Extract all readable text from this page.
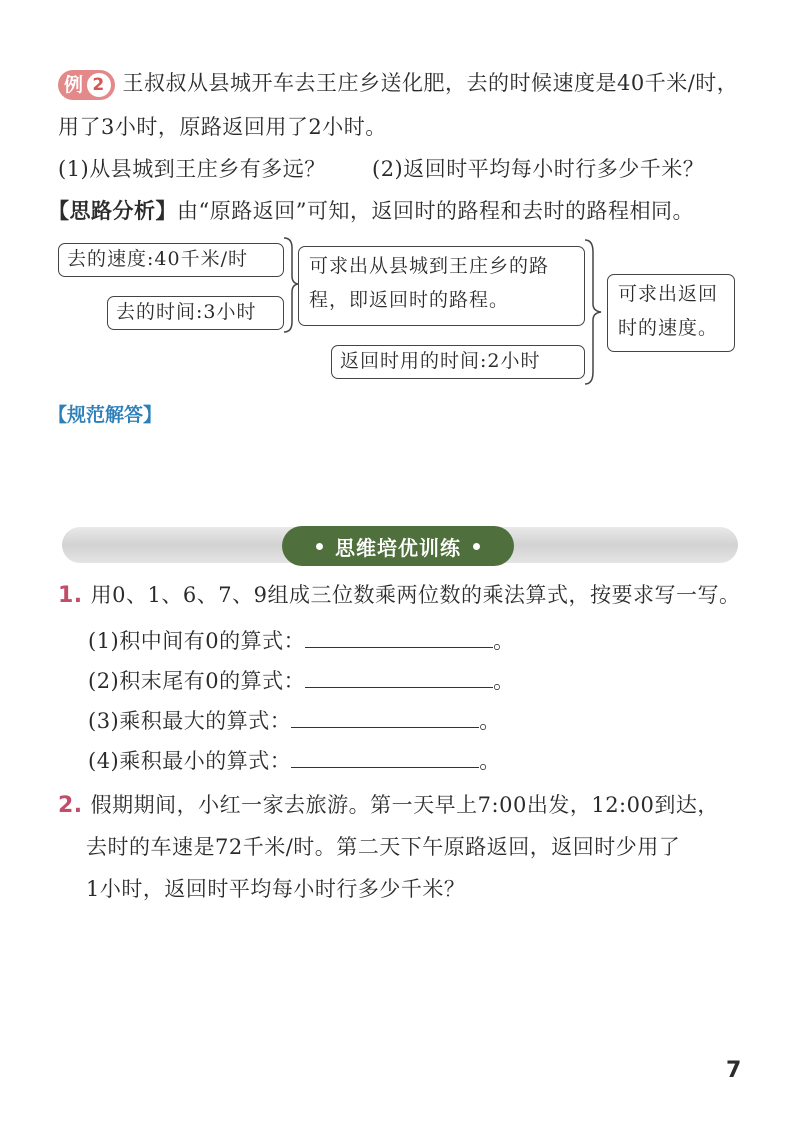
例 2 王叔叔从县城开车去王庄乡送化肥，去的时候速度是40千米/时，
用了3小时，原路返回用了2小时。
(1)从县城到王庄乡有多远？ (2)返回时平均每小时行多少千米？
【思路分析】由“原路返回”可知，返回时的路程和去时的路程相同。
去的速度:40千米/时
去的时间:3小时
可求出从县城到王庄乡的路程，即返回时的路程。
返回时用的时间:2小时
可求出返回时的速度。
【规范解答】
思维培优训练
1. 用0、1、6、7、9组成三位数乘两位数的乘法算式，按要求写一写。
(1)积中间有0的算式：	。
(2)积末尾有0的算式：	。
(3)乘积最大的算式：	。
(4)乘积最小的算式：	。
2. 假期期间，小红一家去旅游。第一天早上7:00出发，12:00到达，
去时的车速是72千米/时。第二天下午原路返回，返回时少用了
1小时，返回时平均每小时行多少千米？
7
